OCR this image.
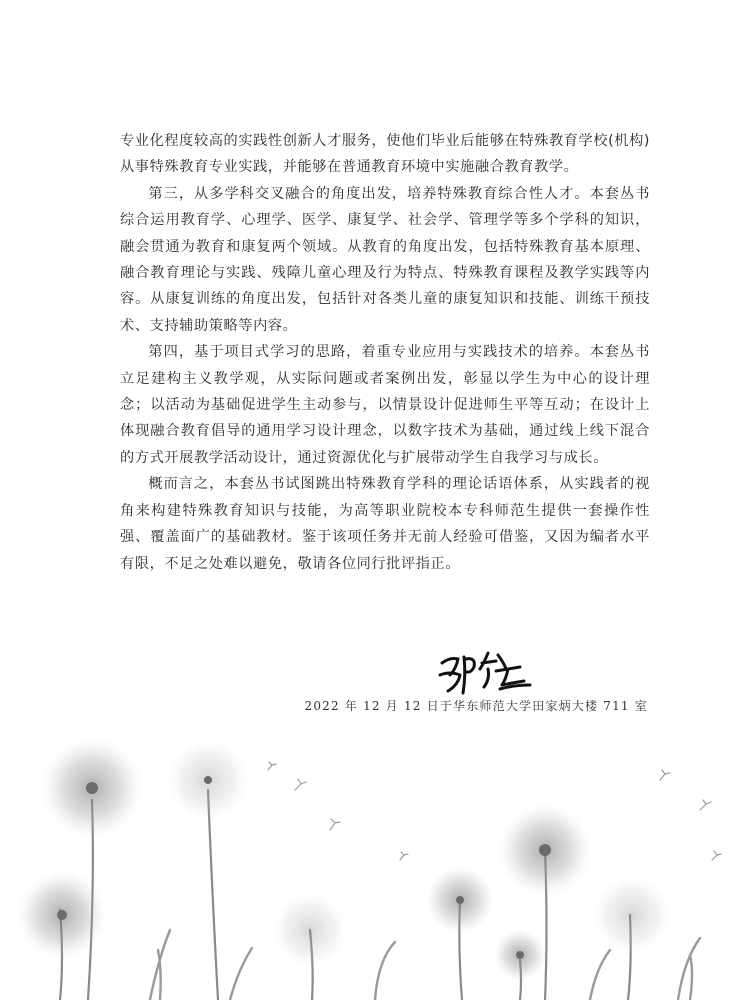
专业化程度较高的实践性创新人才服务，使他们毕业后能够在特殊教育学校(机构)从事特殊教育专业实践，并能够在普通教育环境中实施融合教育教学。

第三，从多学科交叉融合的角度出发，培养特殊教育综合性人才。本套丛书综合运用教育学、心理学、医学、康复学、社会学、管理学等多个学科的知识，融会贯通为教育和康复两个领域。从教育的角度出发，包括特殊教育基本原理、融合教育理论与实践、残障儿童心理及行为特点、特殊教育课程及教学实践等内容。从康复训练的角度出发，包括针对各类儿童的康复知识和技能、训练干预技术、支持辅助策略等内容。

第四，基于项目式学习的思路，着重专业应用与实践技术的培养。本套丛书立足建构主义教学观，从实际问题或者案例出发，彰显以学生为中心的设计理念；以活动为基础促进学生主动参与，以情景设计促进师生平等互动；在设计上体现融合教育倡导的通用学习设计理念，以数字技术为基础，通过线上线下混合的方式开展教学活动设计，通过资源优化与扩展带动学生自我学习与成长。

概而言之，本套丛书试图跳出特殊教育学科的理论话语体系，从实践者的视角来构建特殊教育知识与技能，为高等职业院校本专科师范生提供一套操作性强、覆盖面广的基础教材。鉴于该项任务并无前人经验可借鉴，又因为编者水平有限，不足之处难以避免，敬请各位同行批评指正。

2022 年 12 月 12 日于华东师范大学田家炳大楼 711 室
